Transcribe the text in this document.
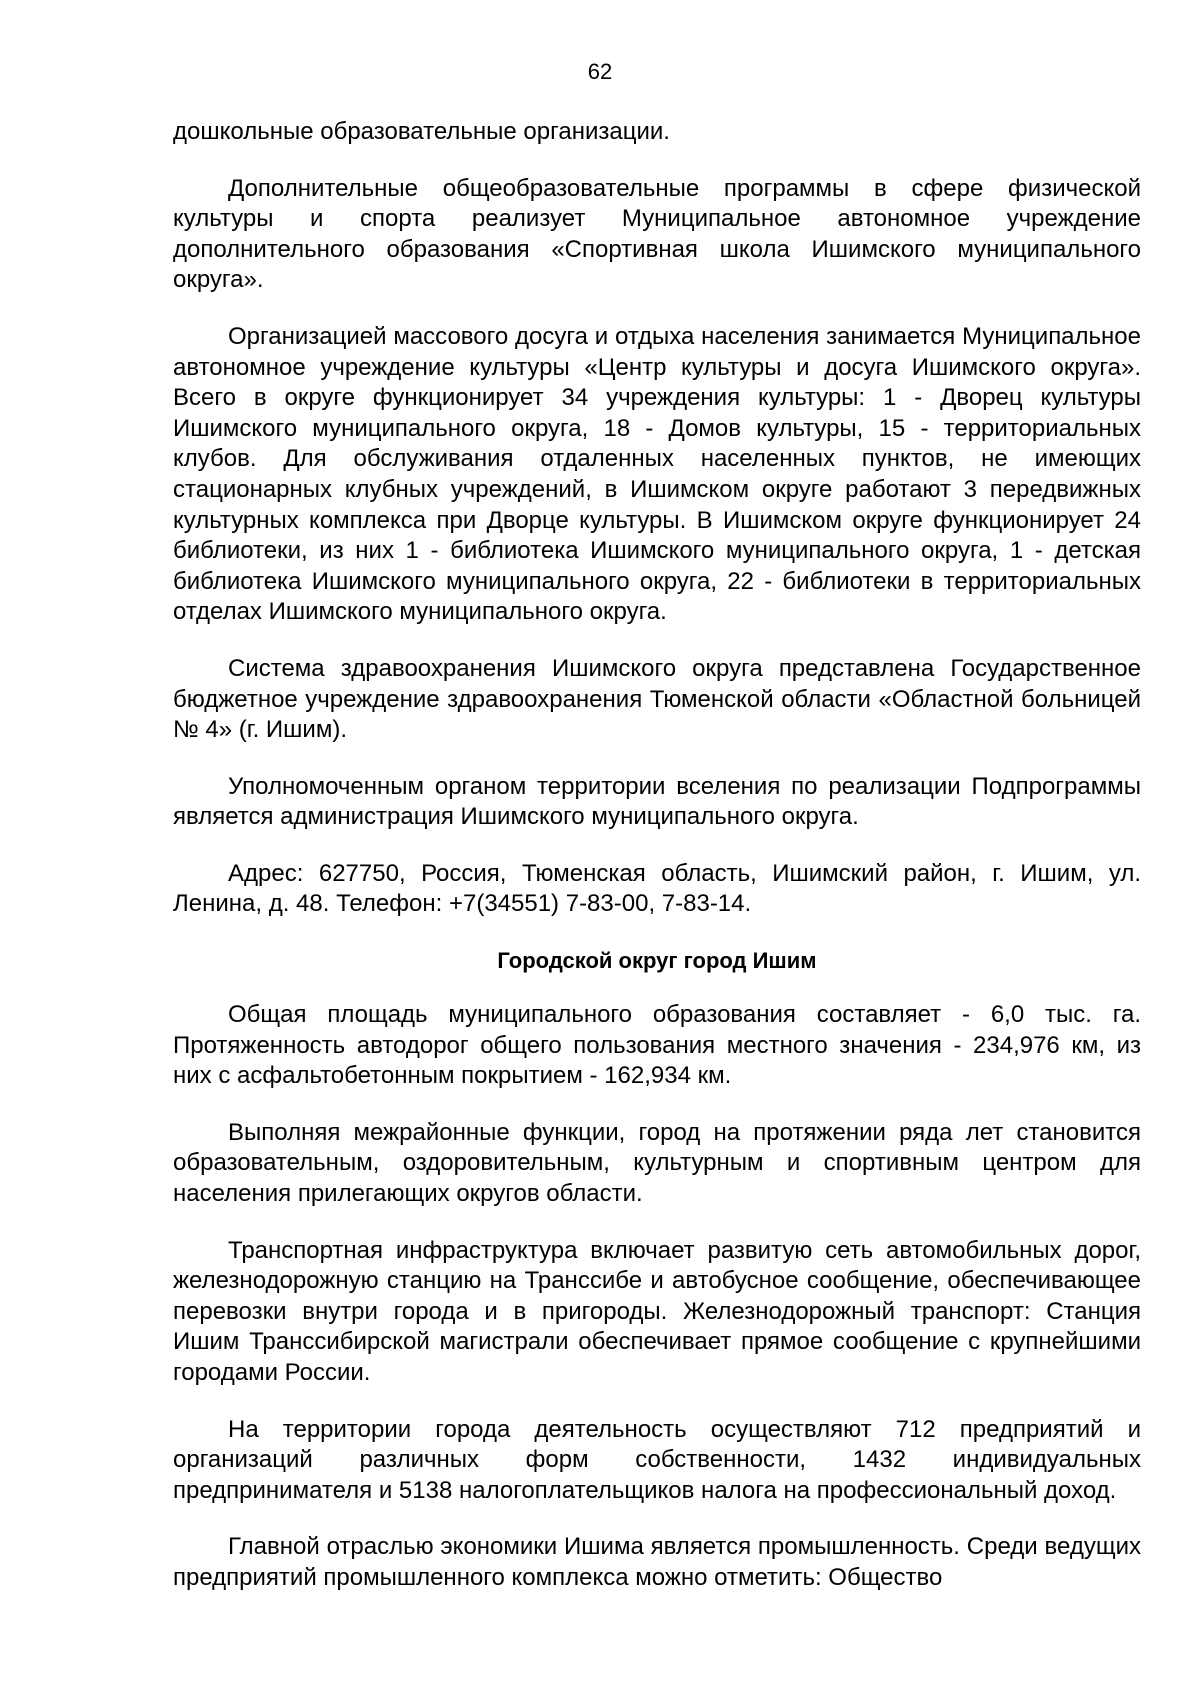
62

дошкольные образовательные организации.

Дополнительные общеобразовательные программы в сфере физической культуры и спорта реализует Муниципальное автономное учреждение дополнительного образования «Спортивная школа Ишимского муниципального округа».

Организацией массового досуга и отдыха населения занимается Муниципальное автономное учреждение культуры «Центр культуры и досуга Ишимского округа». Всего в округе функционирует 34 учреждения культуры: 1 - Дворец культуры Ишимского муниципального округа, 18 - Домов культуры, 15 - территориальных клубов. Для обслуживания отдаленных населенных пунктов, не имеющих стационарных клубных учреждений, в Ишимском округе работают 3 передвижных культурных комплекса при Дворце культуры. В Ишимском округе функционирует 24 библиотеки, из них 1 - библиотека Ишимского муниципального округа, 1 - детская библиотека Ишимского муниципального округа, 22 - библиотеки в территориальных отделах Ишимского муниципального округа.

Система здравоохранения Ишимского округа представлена Государственное бюджетное учреждение здравоохранения Тюменской области «Областной больницей № 4» (г. Ишим).

Уполномоченным органом территории вселения по реализации Подпрограммы является администрация Ишимского муниципального округа.

Адрес: 627750, Россия, Тюменская область, Ишимский район, г. Ишим, ул. Ленина, д. 48. Телефон: +7(34551) 7-83-00, 7-83-14.

Городской округ город Ишим

Общая площадь муниципального образования составляет - 6,0 тыс. га. Протяженность автодорог общего пользования местного значения - 234,976 км, из них с асфальтобетонным покрытием - 162,934 км.

Выполняя межрайонные функции, город на протяжении ряда лет становится образовательным, оздоровительным, культурным и спортивным центром для населения прилегающих округов области.

Транспортная инфраструктура включает развитую сеть автомобильных дорог, железнодорожную станцию на Транссибе и автобусное сообщение, обеспечивающее перевозки внутри города и в пригороды. Железнодорожный транспорт: Станция Ишим Транссибирской магистрали обеспечивает прямое сообщение с крупнейшими городами России.

На территории города деятельность осуществляют 712 предприятий и организаций различных форм собственности, 1432 индивидуальных предпринимателя и 5138 налогоплательщиков налога на профессиональный доход.

Главной отраслью экономики Ишима является промышленность. Среди ведущих предприятий промышленного комплекса можно отметить: Общество
